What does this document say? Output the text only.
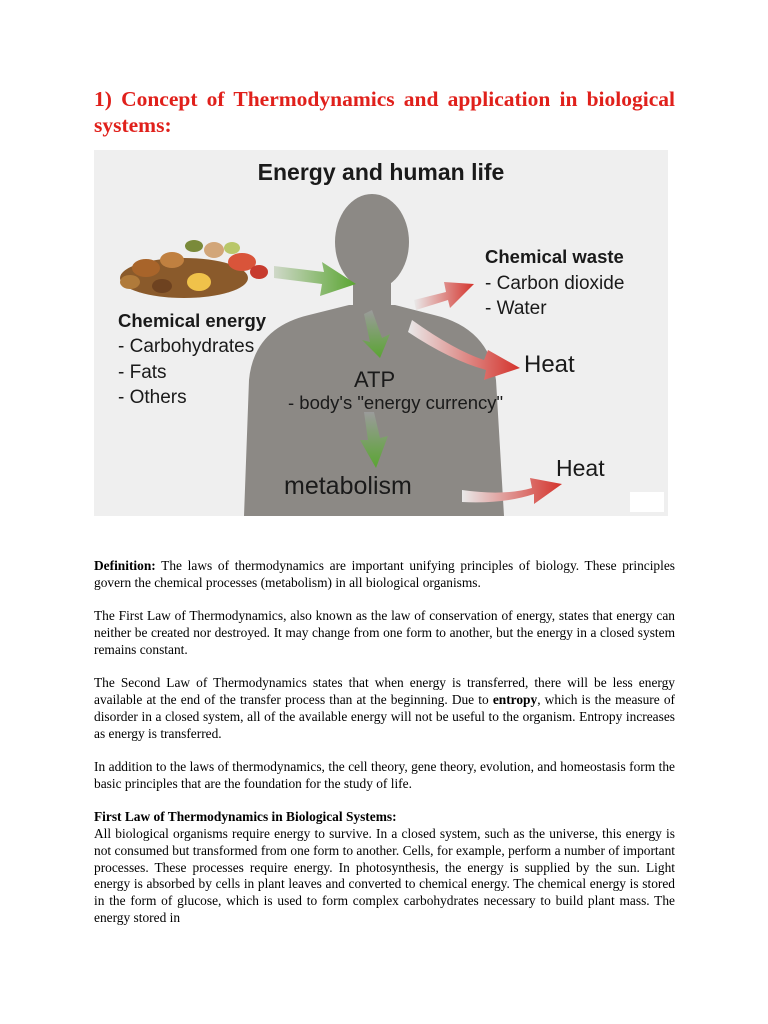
1) Concept of Thermodynamics and application in biological systems:
Energy and human life
Chemical energy
- Carbohydrates
- Fats
- Others
Chemical waste
- Carbon dioxide
- Water
Heat
ATP
- body's "energy currency"
metabolism
Heat

Definition: The laws of thermodynamics are important unifying principles of biology. These principles govern the chemical processes (metabolism) in all biological organisms.

The First Law of Thermodynamics, also known as the law of conservation of energy, states that energy can neither be created nor destroyed. It may change from one form to another, but the energy in a closed system remains constant.

The Second Law of Thermodynamics states that when energy is transferred, there will be less energy available at the end of the transfer process than at the beginning. Due to entropy, which is the measure of disorder in a closed system, all of the available energy will not be useful to the organism. Entropy increases as energy is transferred.

In addition to the laws of thermodynamics, the cell theory, gene theory, evolution, and homeostasis form the basic principles that are the foundation for the study of life.

First Law of Thermodynamics in Biological Systems:

All biological organisms require energy to survive. In a closed system, such as the universe, this energy is not consumed but transformed from one form to another. Cells, for example, perform a number of important processes. These processes require energy. In photosynthesis, the energy is supplied by the sun. Light energy is absorbed by cells in plant leaves and converted to chemical energy. The chemical energy is stored in the form of glucose, which is used to form complex carbohydrates necessary to build plant mass. The energy stored in
